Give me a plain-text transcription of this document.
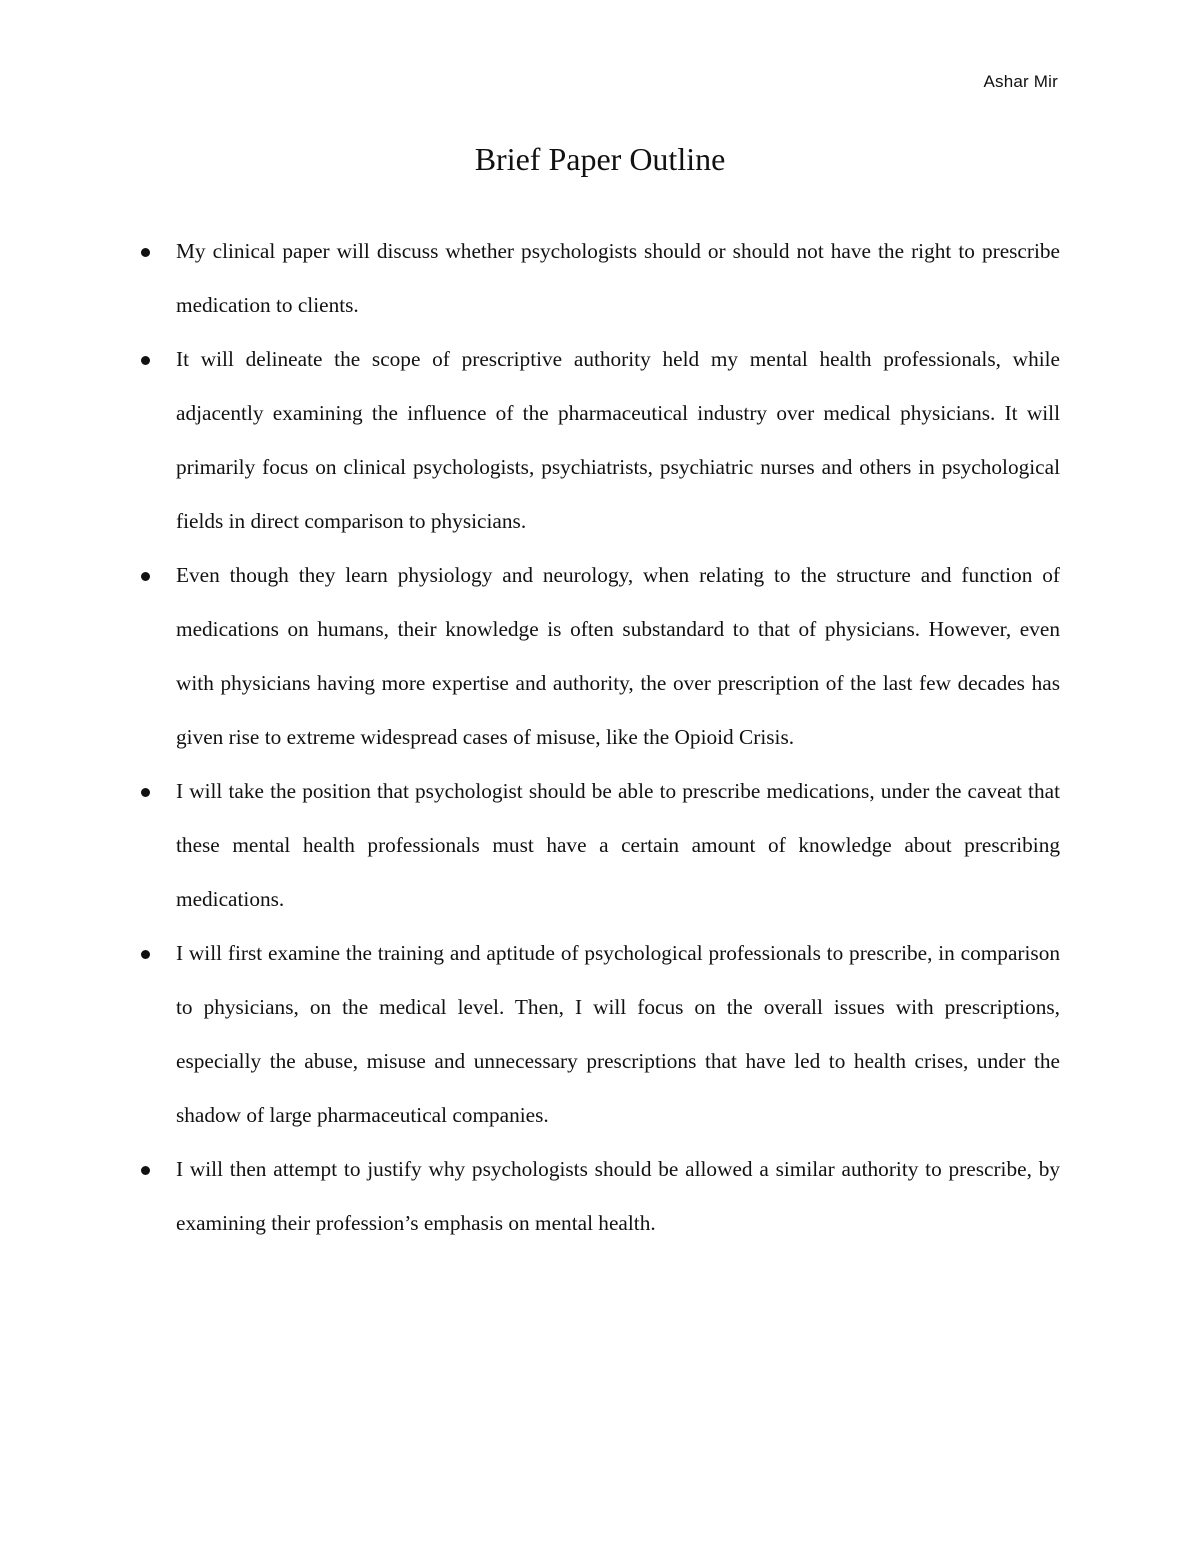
Ashar Mir
Brief Paper Outline
My clinical paper will discuss whether psychologists should or should not have the right to prescribe medication to clients.
It will delineate the scope of prescriptive authority held my mental health professionals, while adjacently examining the influence of the pharmaceutical industry over medical physicians. It will primarily focus on clinical psychologists, psychiatrists, psychiatric nurses and others in psychological fields in direct comparison to physicians.
Even though they learn physiology and neurology, when relating to the structure and function of medications on humans, their knowledge is often substandard to that of physicians. However, even with physicians having more expertise and authority, the over prescription of the last few decades has given rise to extreme widespread cases of misuse, like the Opioid Crisis.
I will take the position that psychologist should be able to prescribe medications, under the caveat that these mental health professionals must have a certain amount of knowledge about prescribing medications.
I will first examine the training and aptitude of psychological professionals to prescribe, in comparison to physicians, on the medical level. Then, I will focus on the overall issues with prescriptions, especially the abuse, misuse and unnecessary prescriptions that have led to health crises, under the shadow of large pharmaceutical companies.
I will then attempt to justify why psychologists should be allowed a similar authority to prescribe, by examining their profession’s emphasis on mental health.
